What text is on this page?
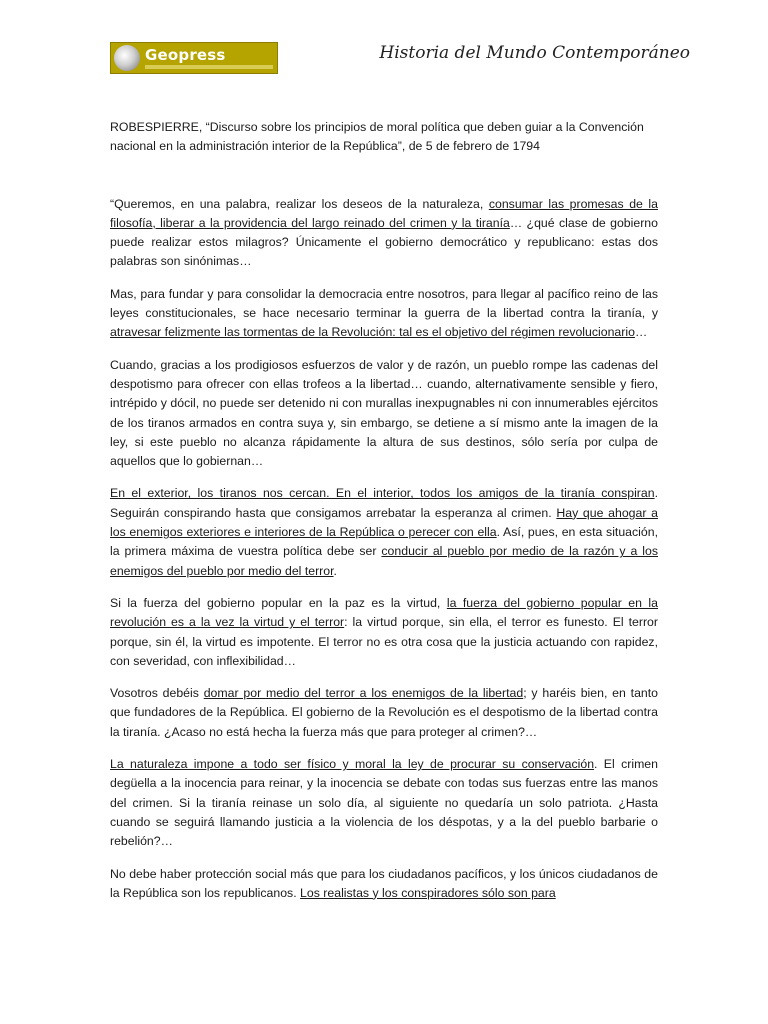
Geopress	Historia del Mundo Contemporáneo

ROBESPIERRE, “Discurso sobre los principios de moral política que deben guiar a la Convención nacional en la administración interior de la República”, de 5 de febrero de 1794

“Queremos, en una palabra, realizar los deseos de la naturaleza, consumar las promesas de la filosofía, liberar a la providencia del largo reinado del crimen y la tiranía… ¿qué clase de gobierno puede realizar estos milagros? Únicamente el gobierno democrático y republicano: estas dos palabras son sinónimas…

Mas, para fundar y para consolidar la democracia entre nosotros, para llegar al pacífico reino de las leyes constitucionales, se hace necesario terminar la guerra de la libertad contra la tiranía, y atravesar felizmente las tormentas de la Revolución: tal es el objetivo del régimen revolucionario…

Cuando, gracias a los prodigiosos esfuerzos de valor y de razón, un pueblo rompe las cadenas del despotismo para ofrecer con ellas trofeos a la libertad… cuando, alternativamente sensible y fiero, intrépido y dócil, no puede ser detenido ni con murallas inexpugnables ni con innumerables ejércitos de los tiranos armados en contra suya y, sin embargo, se detiene a sí mismo ante la imagen de la ley, si este pueblo no alcanza rápidamente la altura de sus destinos, sólo sería por culpa de aquellos que lo gobiernan…

En el exterior, los tiranos nos cercan. En el interior, todos los amigos de la tiranía conspiran. Seguirán conspirando hasta que consigamos arrebatar la esperanza al crimen. Hay que ahogar a los enemigos exteriores e interiores de la República o perecer con ella. Así, pues, en esta situación, la primera máxima de vuestra política debe ser conducir al pueblo por medio de la razón y a los enemigos del pueblo por medio del terror.

Si la fuerza del gobierno popular en la paz es la virtud, la fuerza del gobierno popular en la revolución es a la vez la virtud y el terror: la virtud porque, sin ella, el terror es funesto. El terror porque, sin él, la virtud es impotente. El terror no es otra cosa que la justicia actuando con rapidez, con severidad, con inflexibilidad…

Vosotros debéis domar por medio del terror a los enemigos de la libertad; y haréis bien, en tanto que fundadores de la República. El gobierno de la Revolución es el despotismo de la libertad contra la tiranía. ¿Acaso no está hecha la fuerza más que para proteger al crimen?…

La naturaleza impone a todo ser físico y moral la ley de procurar su conservación. El crimen degüella a la inocencia para reinar, y la inocencia se debate con todas sus fuerzas entre las manos del crimen. Si la tiranía reinase un solo día, al siguiente no quedaría un solo patriota. ¿Hasta cuando se seguirá llamando justicia a la violencia de los déspotas, y a la del pueblo barbarie o rebelión?…

No debe haber protección social más que para los ciudadanos pacíficos, y los únicos ciudadanos de la República son los republicanos. Los realistas y los conspiradores sólo son para
